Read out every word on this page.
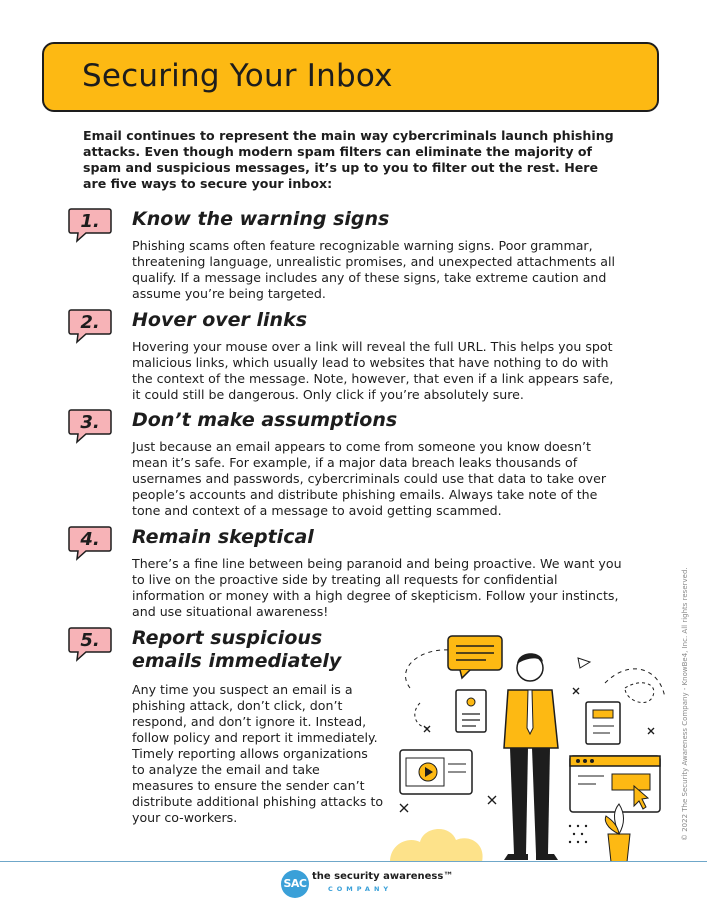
Securing Your Inbox

Email continues to represent the main way cybercriminals launch phishing attacks. Even though modern spam filters can eliminate the majority of spam and suspicious messages, it’s up to you to filter out the rest. Here are five ways to secure your inbox:

1.	Know the warning signs

Phishing scams often feature recognizable warning signs. Poor grammar, threatening language, unrealistic promises, and unexpected attachments all qualify. If a message includes any of these signs, take extreme caution and assume you’re being targeted.

2.	Hover over links

Hovering your mouse over a link will reveal the full URL. This helps you spot malicious links, which usually lead to websites that have nothing to do with the context of the message. Note, however, that even if a link appears safe, it could still be dangerous. Only click if you’re absolutely sure.

3.	Don’t make assumptions

Just because an email appears to come from someone you know doesn’t mean it’s safe. For example, if a major data breach leaks thousands of usernames and passwords, cybercriminals could use that data to take over people’s accounts and distribute phishing emails. Always take note of the tone and context of a message to avoid getting scammed.

4.	Remain skeptical

There’s a fine line between being paranoid and being proactive. We want you to live on the proactive side by treating all requests for confidential information or money with a high degree of skepticism. Follow your instincts, and use situational awareness!

5.	Report suspicious emails immediately

Any time you suspect an email is a phishing attack, don’t click, don’t respond, and don’t ignore it. Instead, follow policy and report it immediately. Timely reporting allows organizations to analyze the email and take measures to ensure the sender can’t distribute additional phishing attacks to your co-workers.	© 2022 The Security Awareness Company - KnowBe4, Inc. All rights reserved.
SAC
the security awareness™
COMPANY
